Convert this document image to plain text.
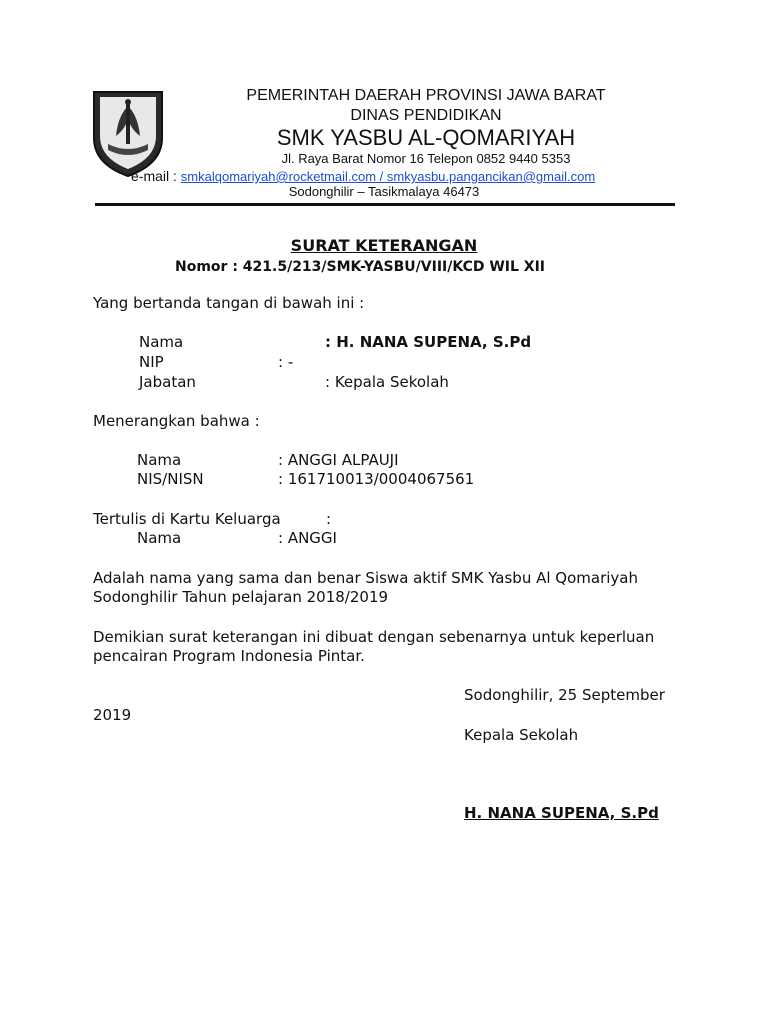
PEMERINTAH DAERAH PROVINSI JAWA BARAT
DINAS PENDIDIKAN
SMK YASBU AL-QOMARIYAH
Jl. Raya Barat Nomor 16 Telepon 0852 9440 5353
e-mail : smkalqomariyah@rocketmail.com / smkyasbu.pangancikan@gmail.com
Sodonghilir – Tasikmalaya 46473
SURAT KETERANGAN
Nomor : 421.5/213/SMK-YASBU/VIII/KCD WIL XII
Yang bertanda tangan di bawah ini :
Nama	: H. NANA SUPENA, S.Pd
NIP	: -
Jabatan	: Kepala Sekolah
Menerangkan bahwa :
Nama	: ANGGI ALPAUJI
NIS/NISN	: 161710013/0004067561
Tertulis di Kartu Keluarga	:
Nama	: ANGGI
Adalah nama yang sama dan benar Siswa aktif SMK Yasbu Al Qomariyah
Sodonghilir Tahun pelajaran 2018/2019
Demikian surat keterangan ini dibuat dengan sebenarnya untuk keperluan
pencairan Program Indonesia Pintar.
Sodonghilir, 25 September
2019
Kepala Sekolah
H. NANA SUPENA, S.Pd
